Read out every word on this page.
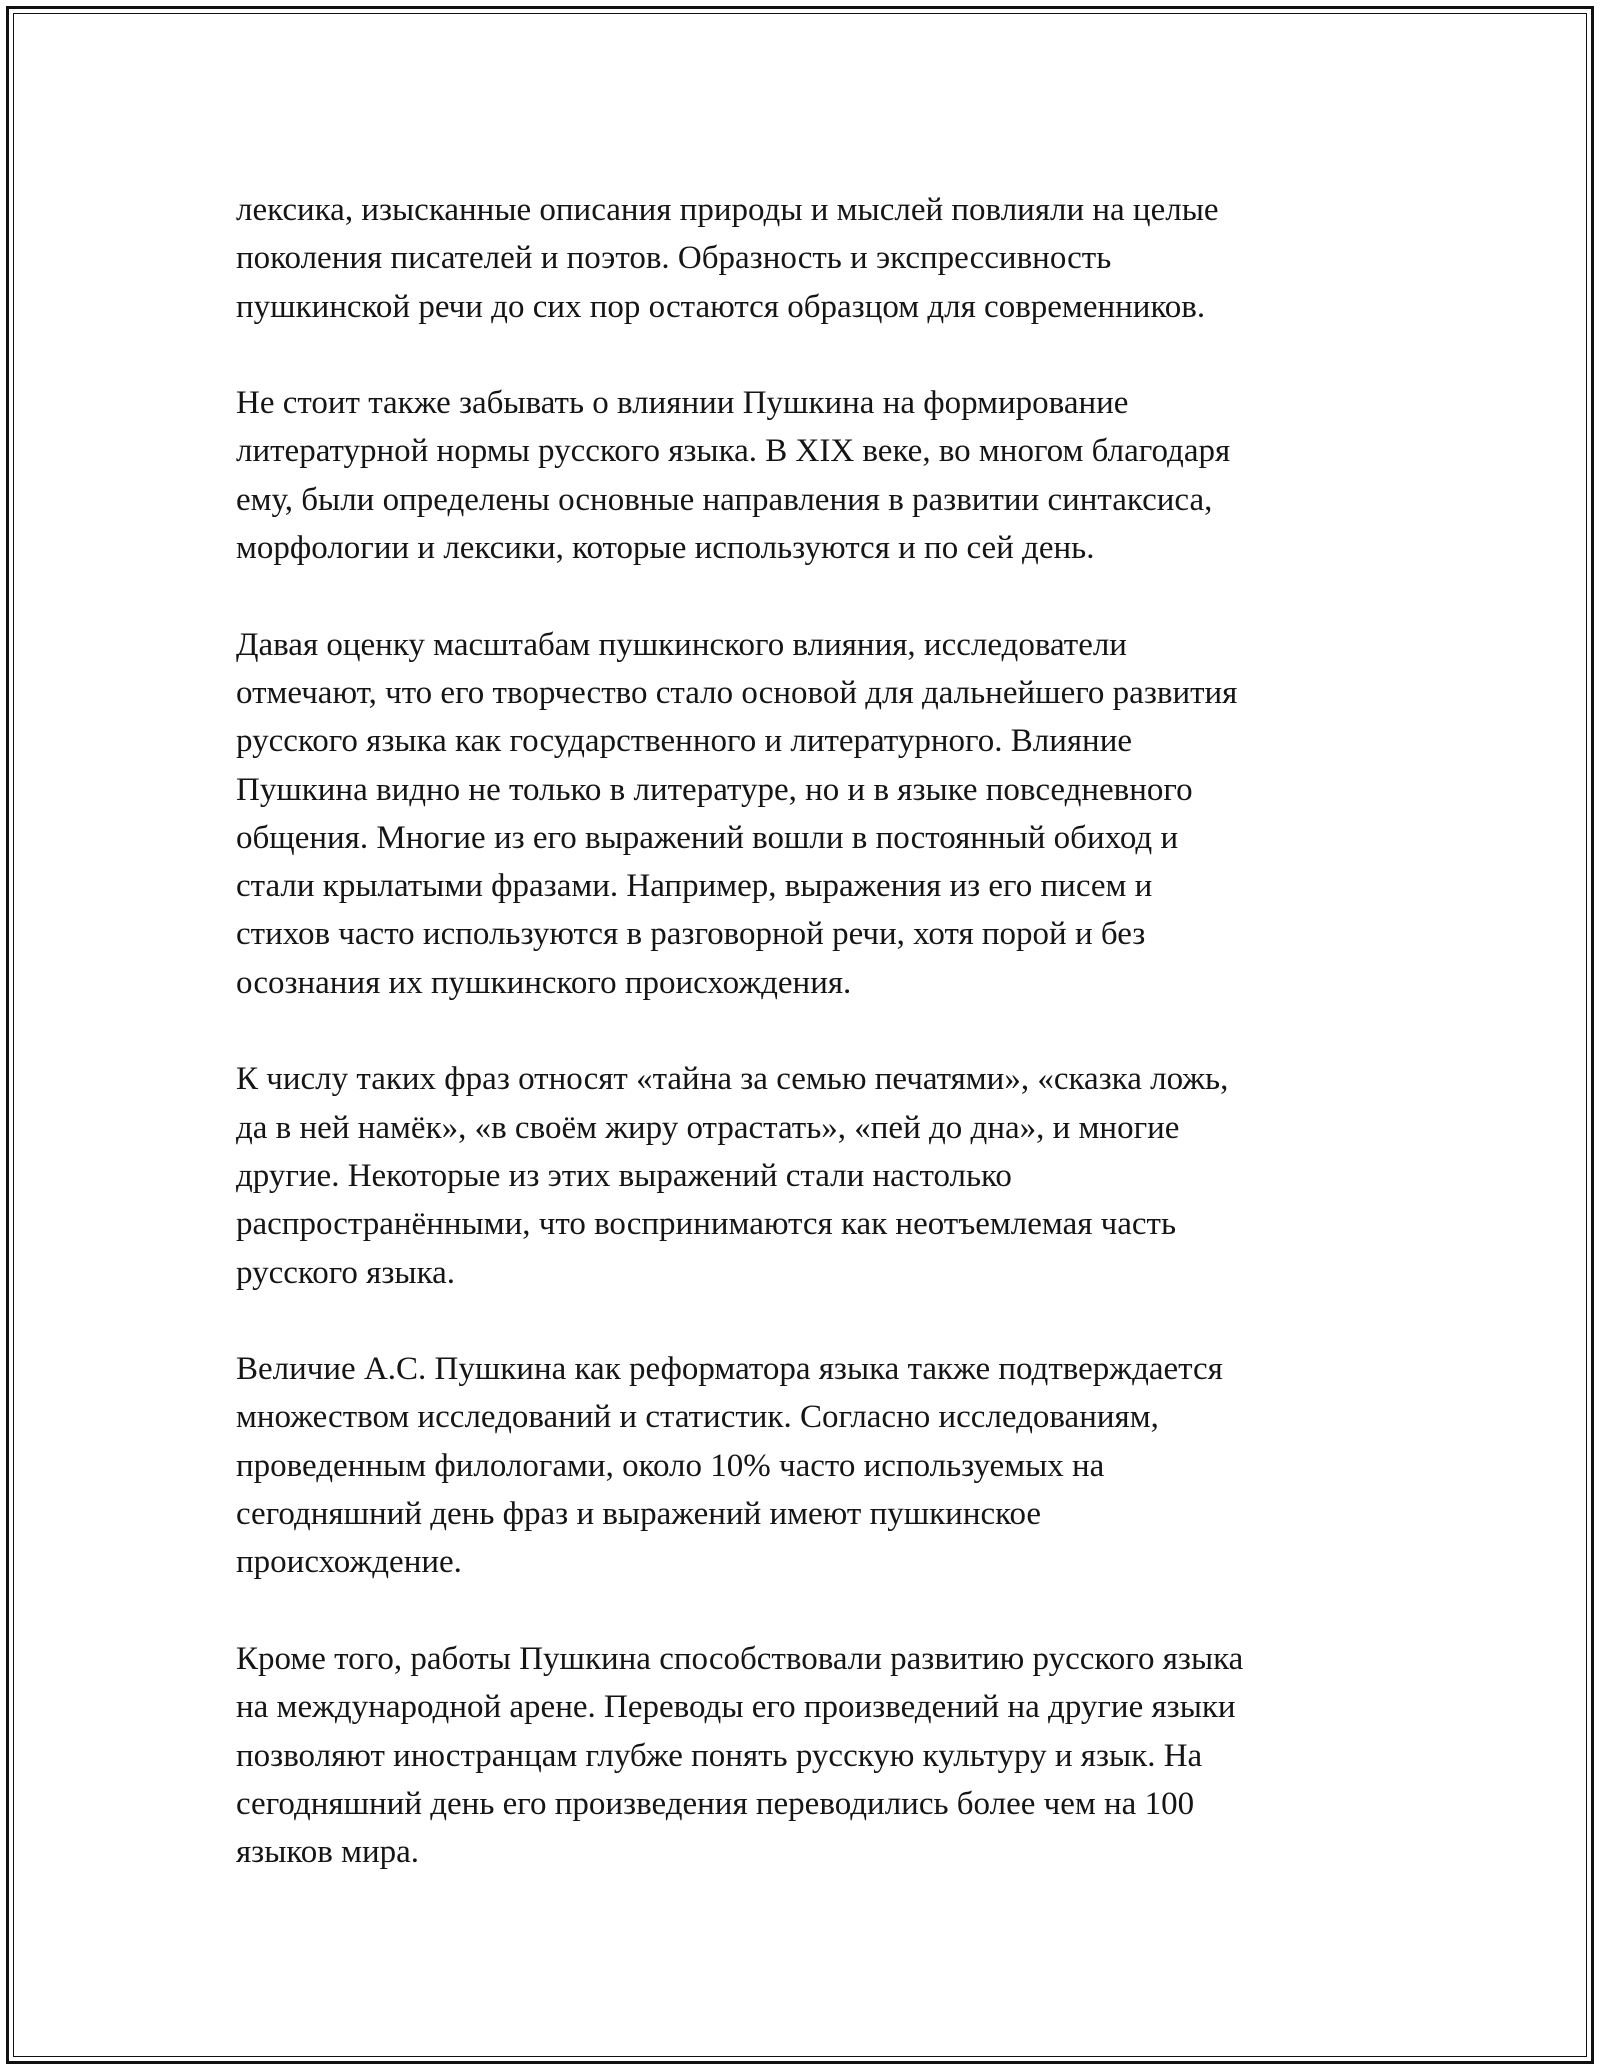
лексика, изысканные описания природы и мыслей повлияли на целые
поколения писателей и поэтов. Образность и экспрессивность
пушкинской речи до сих пор остаются образцом для современников.

Не стоит также забывать о влиянии Пушкина на формирование
литературной нормы русского языка. В XIX веке, во многом благодаря
ему, были определены основные направления в развитии синтаксиса,
морфологии и лексики, которые используются и по сей день.

Давая оценку масштабам пушкинского влияния, исследователи
отмечают, что его творчество стало основой для дальнейшего развития
русского языка как государственного и литературного. Влияние
Пушкина видно не только в литературе, но и в языке повседневного
общения. Многие из его выражений вошли в постоянный обиход и
стали крылатыми фразами. Например, выражения из его писем и
стихов часто используются в разговорной речи, хотя порой и без
осознания их пушкинского происхождения.

К числу таких фраз относят «тайна за семью печатями», «сказка ложь,
да в ней намёк», «в своём жиру отрастать», «пей до дна», и многие
другие. Некоторые из этих выражений стали настолько
распространёнными, что воспринимаются как неотъемлемая часть
русского языка.

Величие А.С. Пушкина как реформатора языка также подтверждается
множеством исследований и статистик. Согласно исследованиям,
проведенным филологами, около 10% часто используемых на
сегодняшний день фраз и выражений имеют пушкинское
происхождение.

Кроме того, работы Пушкина способствовали развитию русского языка
на международной арене. Переводы его произведений на другие языки
позволяют иностранцам глубже понять русскую культуру и язык. На
сегодняшний день его произведения переводились более чем на 100
языков мира.
